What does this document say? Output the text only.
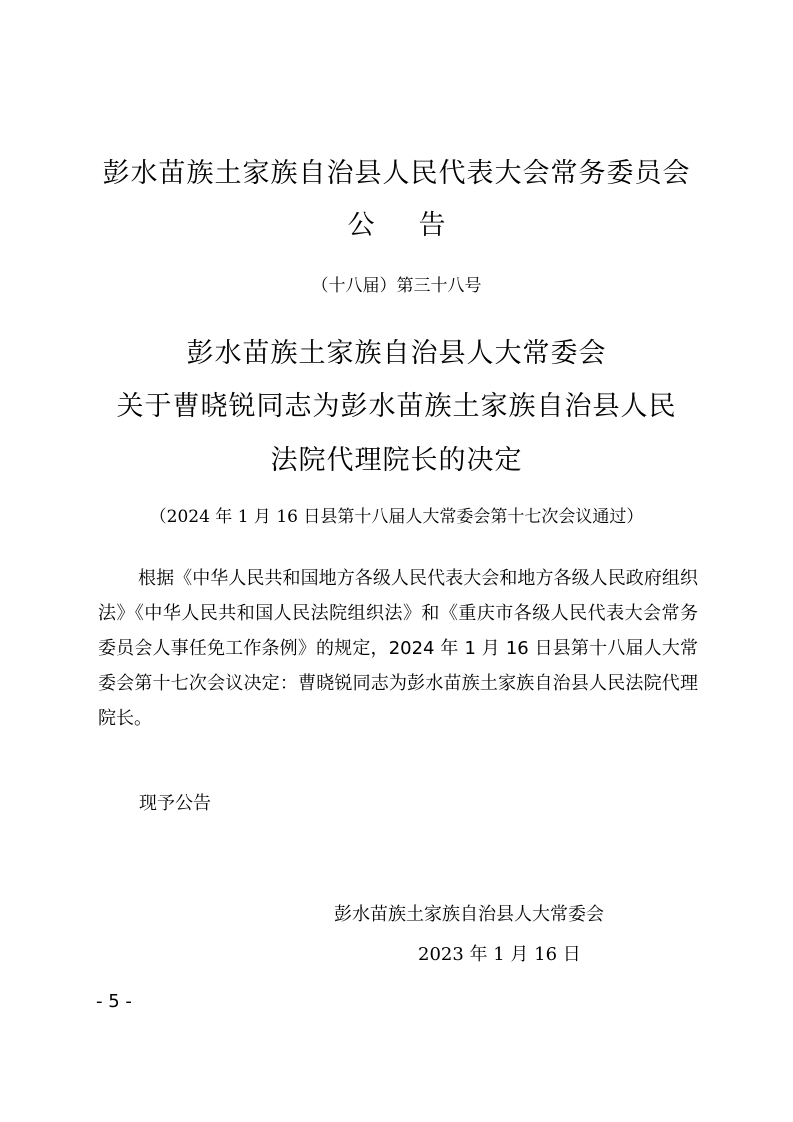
彭水苗族土家族自治县人民代表大会常务委员会
公告
（十八届）第三十八号
彭水苗族土家族自治县人大常委会
关于曹晓锐同志为彭水苗族土家族自治县人民
法院代理院长的决定
（2024 年 1 月 16 日县第十八届人大常委会第十七次会议通过）

根据《中华人民共和国地方各级人民代表大会和地方各级人民政府组织法》《中华人民共和国人民法院组织法》和《重庆市各级人民代表大会常务委员会人事任免工作条例》的规定，2024 年 1 月 16 日县第十八届人大常委会第十七次会议决定：曹晓锐同志为彭水苗族土家族自治县人民法院代理院长。

现予公告
彭水苗族土家族自治县人大常委会
2023 年 1 月 16 日
- 5 -
